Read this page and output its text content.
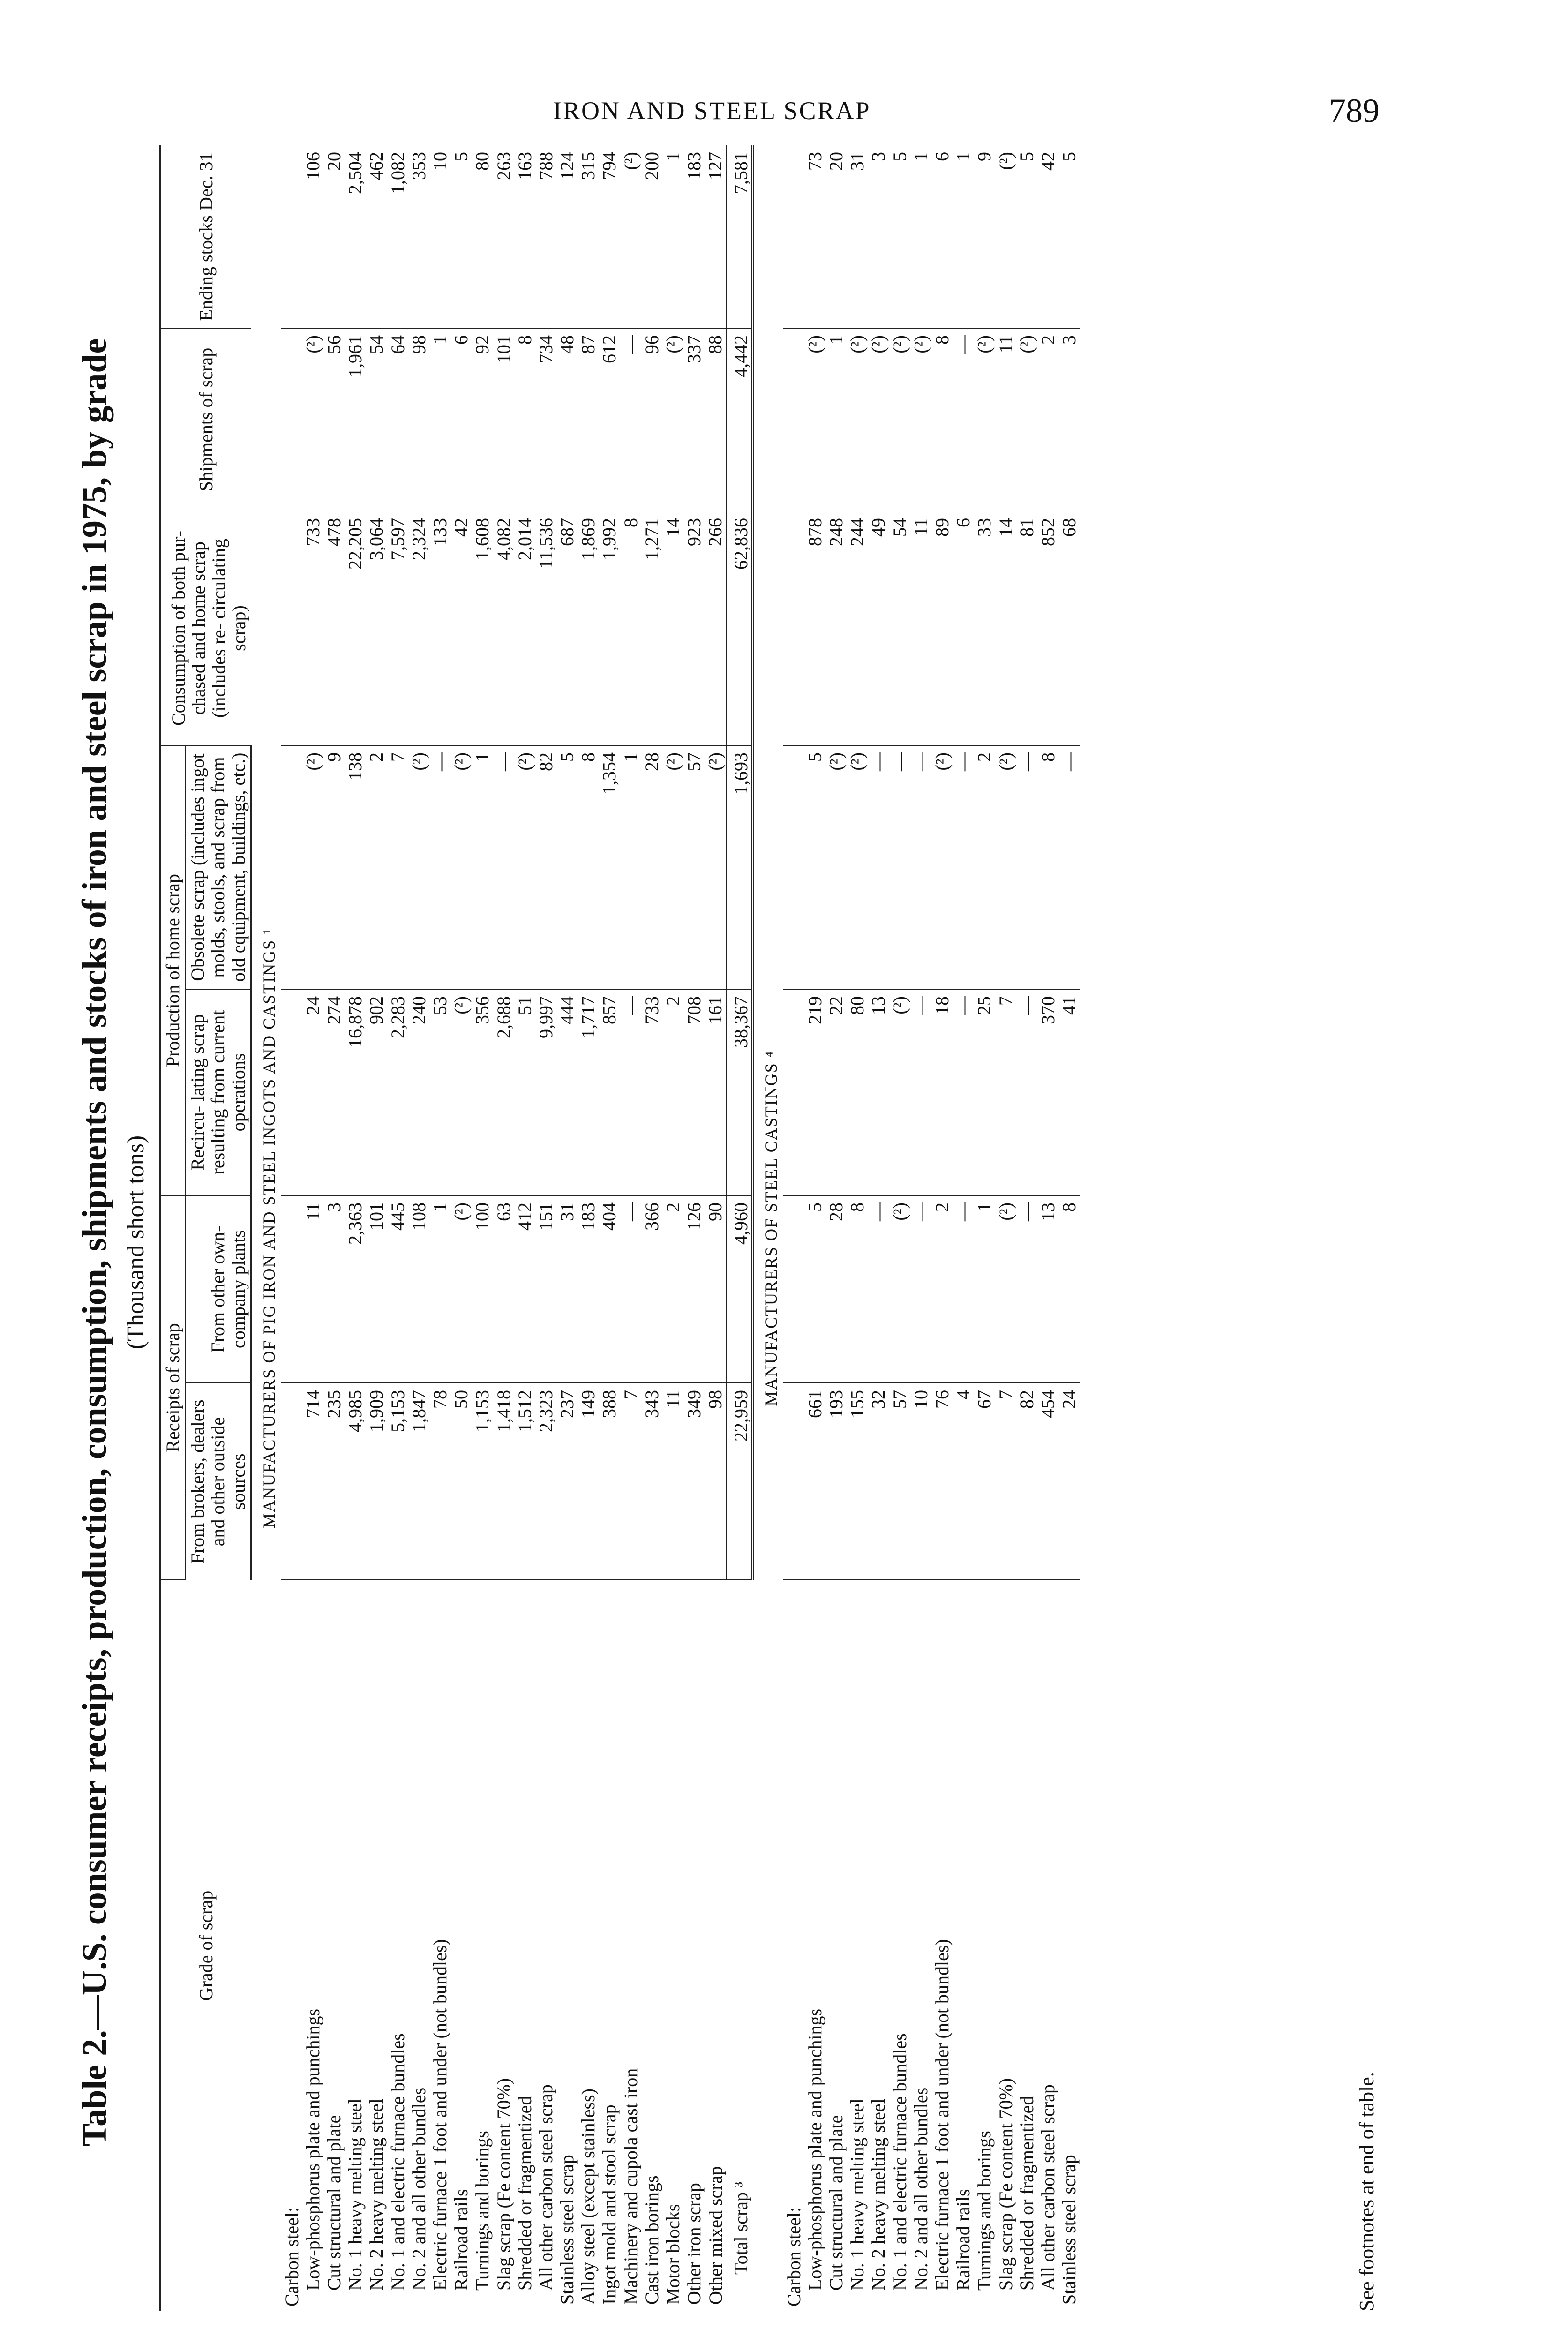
IRON AND STEEL SCRAP	789
Table 2.—U.S. consumer receipts, production, consumption, shipments and stocks of iron and steel scrap in 1975, by grade (Thousand short tons)
Grade of scrap	Receipts of scrap		Production of home scrap		Consumption of both pur- chased and home scrap (includes re- circulating scrap)	Shipments of scrap	Ending stocks Dec. 31
	From brokers, dealers and other outside sources	From other own-company plants	Recircu- lating scrap resulting from current operations	Obsolete scrap (includes ingot molds, stools, and scrap from old equipment, buildings, etc.)			
MANUFACTURERS OF PIG IRON AND STEEL INGOTS AND CASTINGS ¹							
Carbon steel:							
Low-phosphorus plate and punchings	714	11	24	(²)	733	(²)	106
Cut structural and plate	235	3	274	9	478	56	20
No. 1 heavy melting steel	4,985	2,363	16,878	138	22,205	1,961	2,504
No. 2 heavy melting steel	1,909	101	902	2	3,064	54	462
No. 1 and electric furnace bundles	5,153	445	2,283	7	7,597	64	1,082
No. 2 and all other bundles	1,847	108	240	(²)	2,324	98	353
Electric furnace 1 foot and under (not bundles)	78	1	53	—	133	1	10
Railroad rails	50	(²)	(²)	(²)	42	6	5
Turnings and borings	1,153	100	356	1	1,608	92	80
Slag scrap (Fe content 70%)	1,418	63	2,688	—	4,082	101	263
Shredded or fragmentized	1,512	412	51	(²)	2,014	8	163
All other carbon steel scrap	2,323	151	9,997	82	11,536	734	788
Stainless steel scrap	237	31	444	5	687	48	124
Alloy steel (except stainless)	149	183	1,717	8	1,869	87	315
Ingot mold and stool scrap	388	404	857	1,354	1,992	612	794
Machinery and cupola cast iron	7	—	—	1	8	—	(²)
Cast iron borings	343	366	733	28	1,271	96	200
Motor blocks	11	2	2	(²)	14	(²)	1
Other iron scrap	349	126	708	57	923	337	183
Other mixed scrap	98	90	161	(²)	266	88	127
Total scrap ³	22,959	4,960	38,367	1,693	62,836	4,442	7,581
MANUFACTURERS OF STEEL CASTINGS ⁴							
Carbon steel:							
Low-phosphorus plate and punchings	661	5	219	5	878	(²)	73
Cut structural and plate	193	28	22	(²)	248	1	20
No. 1 heavy melting steel	155	8	80	(²)	244	(²)	31
No. 2 heavy melting steel	32	—	13	—	49	(²)	3
No. 1 and electric furnace bundles	57	(²)	(²)	—	54	(²)	5
No. 2 and all other bundles	10	—	—	—	11	(²)	1
Electric furnace 1 foot and under (not bundles)	76	2	18	(²)	89	8	6
Railroad rails	4	—	—	—	6	—	1
Turnings and borings	67	1	25	2	33	(²)	9
Slag scrap (Fe content 70%)	7	(²)	7	(²)	14	11	(²)
Shredded or fragmentized	82	—	—	—	81	(²)	5
All other carbon steel scrap	454	13	370	8	852	2	42
Stainless steel scrap	24	8	41	—	68	3	5
See footnotes at end of table.
